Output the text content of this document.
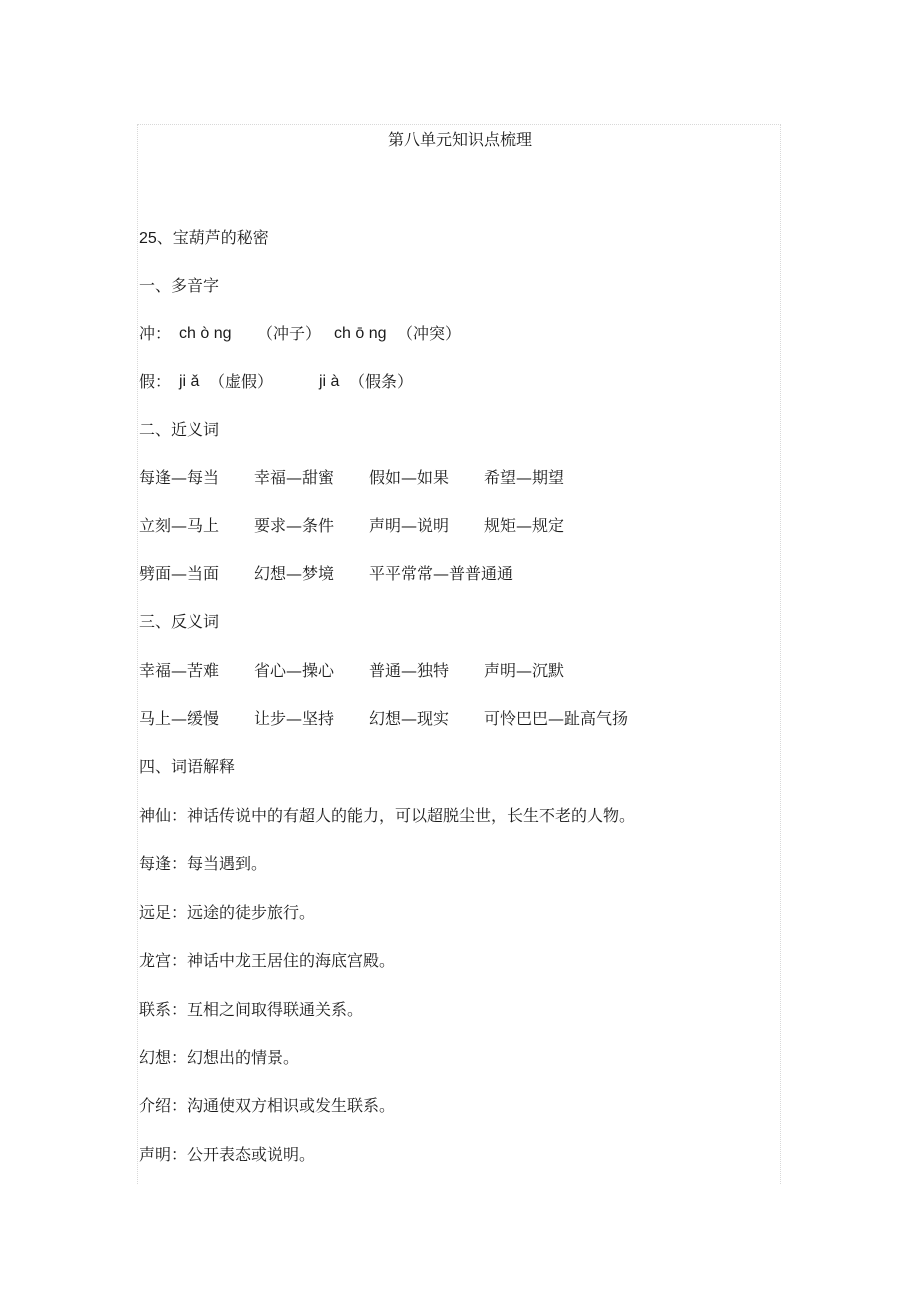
第八单元知识点梳理
25、宝葫芦的秘密
一、多音字
冲： ch ò ng （冲子） ch ō ng （冲突）
假： ji ǎ （虚假）	ji à （假条）
二、近义词
每逢—每当 幸福—甜蜜 假如—如果 希望—期望
立刻—马上 要求—条件 声明—说明 规矩—规定
劈面—当面 幻想—梦境 平平常常—普普通通
三、反义词
幸福—苦难 省心—操心 普通—独特 声明—沉默
马上—缓慢 让步—坚持 幻想—现实 可怜巴巴—趾高气扬
四、词语解释
神仙：神话传说中的有超人的能力，可以超脱尘世，长生不老的人物。
每逢：每当遇到。
远足：远途的徒步旅行。
龙宫：神话中龙王居住的海底宫殿。
联系：互相之间取得联通关系。
幻想：幻想出的情景。
介绍：沟通使双方相识或发生联系。
声明：公开表态或说明。
